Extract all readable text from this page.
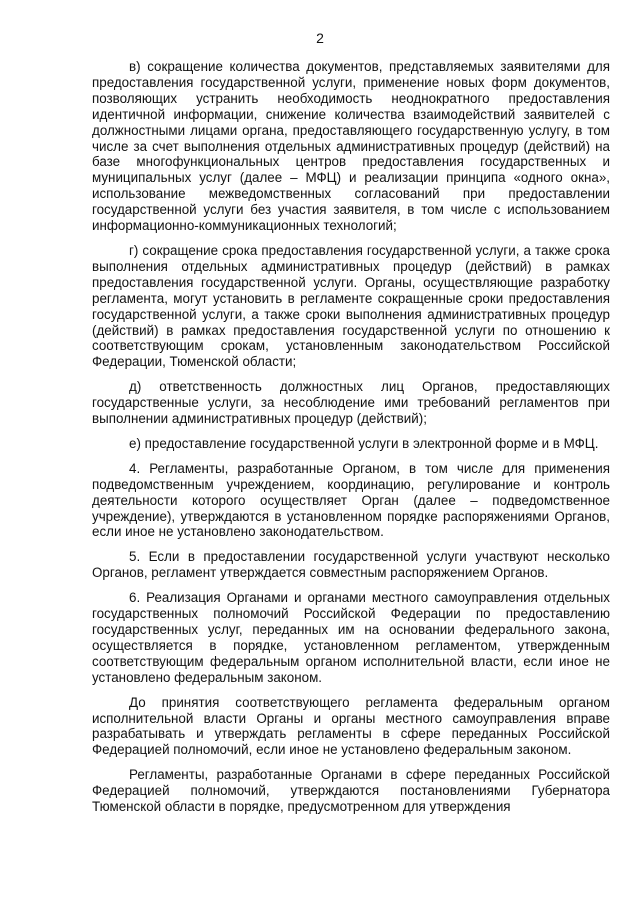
2

в) сокращение количества документов, представляемых заявителями для предоставления государственной услуги, применение новых форм документов, позволяющих устранить необходимость неоднократного предоставления идентичной информации, снижение количества взаимодействий заявителей с должностными лицами органа, предоставляющего государственную услугу, в том числе за счет выполнения отдельных административных процедур (действий) на базе многофункциональных центров предоставления государственных и муниципальных услуг (далее – МФЦ) и реализации принципа «одного окна», использование межведомственных согласований при предоставлении государственной услуги без участия заявителя, в том числе с использованием информационно-коммуникационных технологий;

г) сокращение срока предоставления государственной услуги, а также срока выполнения отдельных административных процедур (действий) в рамках предоставления государственной услуги. Органы, осуществляющие разработку регламента, могут установить в регламенте сокращенные сроки предоставления государственной услуги, а также сроки выполнения административных процедур (действий) в рамках предоставления государственной услуги по отношению к соответствующим срокам, установленным законодательством Российской Федерации, Тюменской области;

д) ответственность должностных лиц Органов, предоставляющих государственные услуги, за несоблюдение ими требований регламентов при выполнении административных процедур (действий);

е) предоставление государственной услуги в электронной форме и в МФЦ.

4. Регламенты, разработанные Органом, в том числе для применения подведомственным учреждением, координацию, регулирование и контроль деятельности которого осуществляет Орган (далее – подведомственное учреждение), утверждаются в установленном порядке распоряжениями Органов, если иное не установлено законодательством.

5. Если в предоставлении государственной услуги участвуют несколько Органов, регламент утверждается совместным распоряжением Органов.

6. Реализация Органами и органами местного самоуправления отдельных государственных полномочий Российской Федерации по предоставлению государственных услуг, переданных им на основании федерального закона, осуществляется в порядке, установленном регламентом, утвержденным соответствующим федеральным органом исполнительной власти, если иное не установлено федеральным законом.

До принятия соответствующего регламента федеральным органом исполнительной власти Органы и органы местного самоуправления вправе разрабатывать и утверждать регламенты в сфере переданных Российской Федерацией полномочий, если иное не установлено федеральным законом.

Регламенты, разработанные Органами в сфере переданных Российской Федерацией полномочий, утверждаются постановлениями Губернатора Тюменской области в порядке, предусмотренном для утверждения
